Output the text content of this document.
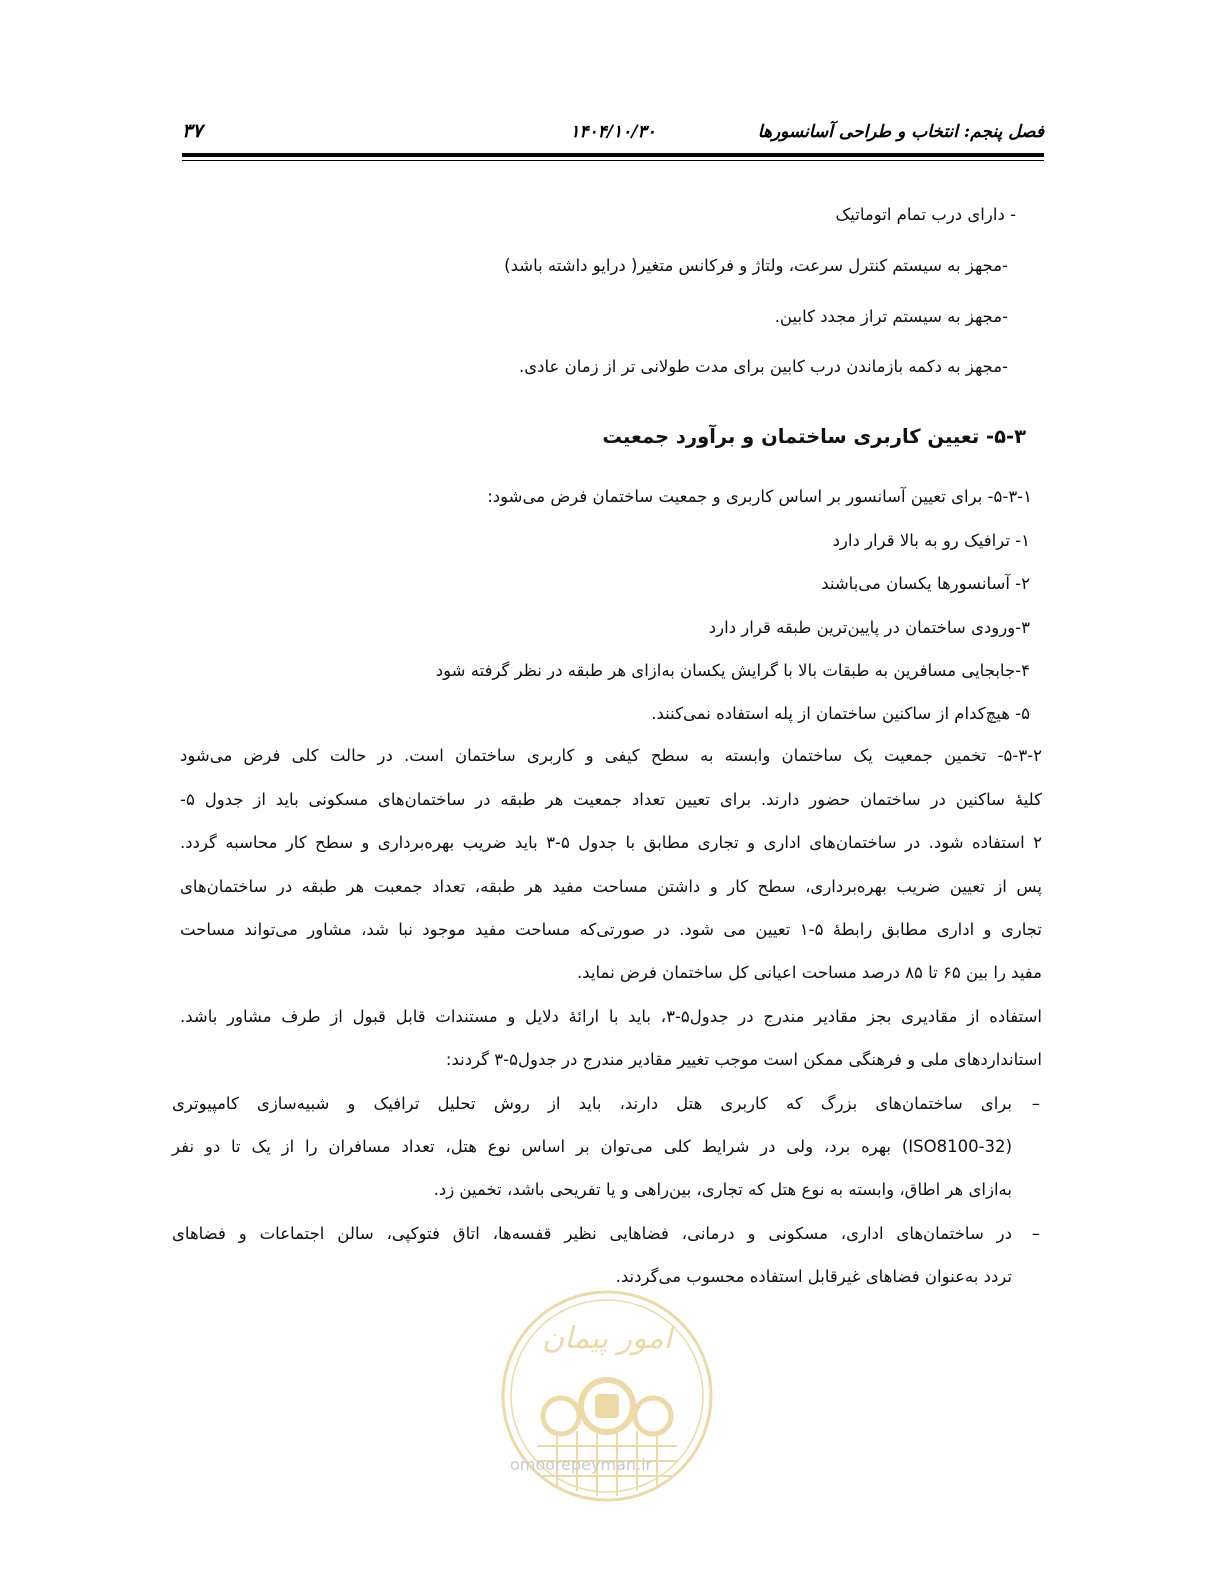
فصل پنجم: انتخاب و طراحی آسانسورها
۱۴۰۴/۱۰/۳۰
۳۷
- دارای درب تمام اتوماتیک
-مجهز به سیستم کنترل سرعت، ولتاژ و فرکانس متغیر( درایو داشته باشد)
-مجهز به سیستم تراز مجدد کابین.
-مجهز به دکمه بازماندن درب کابین برای مدت طولانی تر از زمان عادی.
۵-۳- تعیین کاربری ساختمان و برآورد جمعیت
۵-۳-۱- برای تعیین آسانسور بر اساس کاربری و جمعیت ساختمان فرض می‌شود:
۱- ترافیک رو به بالا قرار دارد
۲- آسانسورها یکسان می‌باشند
۳-ورودی ساختمان در پایین‌ترین طبقه قرار دارد
۴-جابجایی مسافرین به طبقات بالا با گرایش یکسان به‌ازای هر طبقه در نظر گرفته شود
۵- هیچ‌کدام از ساکنین ساختمان از پله استفاده نمی‌کنند.
۵-۳-۲- تخمین جمعیت یک ساختمان وابسته به سطح کیفی و کاربری ساختمان است. در حالت کلی فرض می‌شود
کلیهٔ ساکنین در ساختمان حضور دارند. برای تعیین تعداد جمعیت هر طبقه در ساختمان‌های مسکونی باید از جدول ۵-
۲ استفاده شود. در ساختمان‌های اداری و تجاری مطابق با جدول ۵-۳ باید ضریب بهره‌برداری و سطح کار محاسبه گردد.
پس از تعیین ضریب بهره‌برداری، سطح کار و داشتن مساحت مفید هر طبقه، تعداد جمعبت هر طبقه در ساختمان‌های
تجاری و اداری مطابق رابطهٔ ۵-۱ تعیین می شود. در صورتی‌که مساحت مفید موجود نبا شد، مشاور می‌تواند مساحت
مفید را بین ۶۵ تا ۸۵ درصد مساحت اعیانی کل ساختمان فرض نماید.
استفاده از مقادیری بجز مقادیر مندرج در جدول۵-۳، باید با ارائهٔ دلایل و مستندات قابل قبول از طرف مشاور باشد.
استانداردهای ملی و فرهنگی ممکن است موجب تغییر مقادیر مندرج در جدول۵-۳ گردند:
–
برای ساختمان‌های بزرگ که کاربری هتل دارند، باید از روش تحلیل ترافیک و شبیه‌سازی کامپیوتری
(ISO8100-32) بهره برد، ولی در شرایط کلی می‌توان بر اساس نوع هتل، تعداد مسافران را از یک تا دو نفر
به‌ازای هر اطاق، وابسته به نوع هتل که تجاری، بین‌راهی و یا تفریحی باشد، تخمین زد.
–
در ساختمان‌های اداری، مسکونی و درمانی، فضاهایی نظیر قفسه‌ها، اتاق فتوکپی، سالن اجتماعات و فضاهای
تردد به‌عنوان فضاهای غیرقابل استفاده محسوب می‌گردند.
امور پیمان
omoorepeyman.ir
